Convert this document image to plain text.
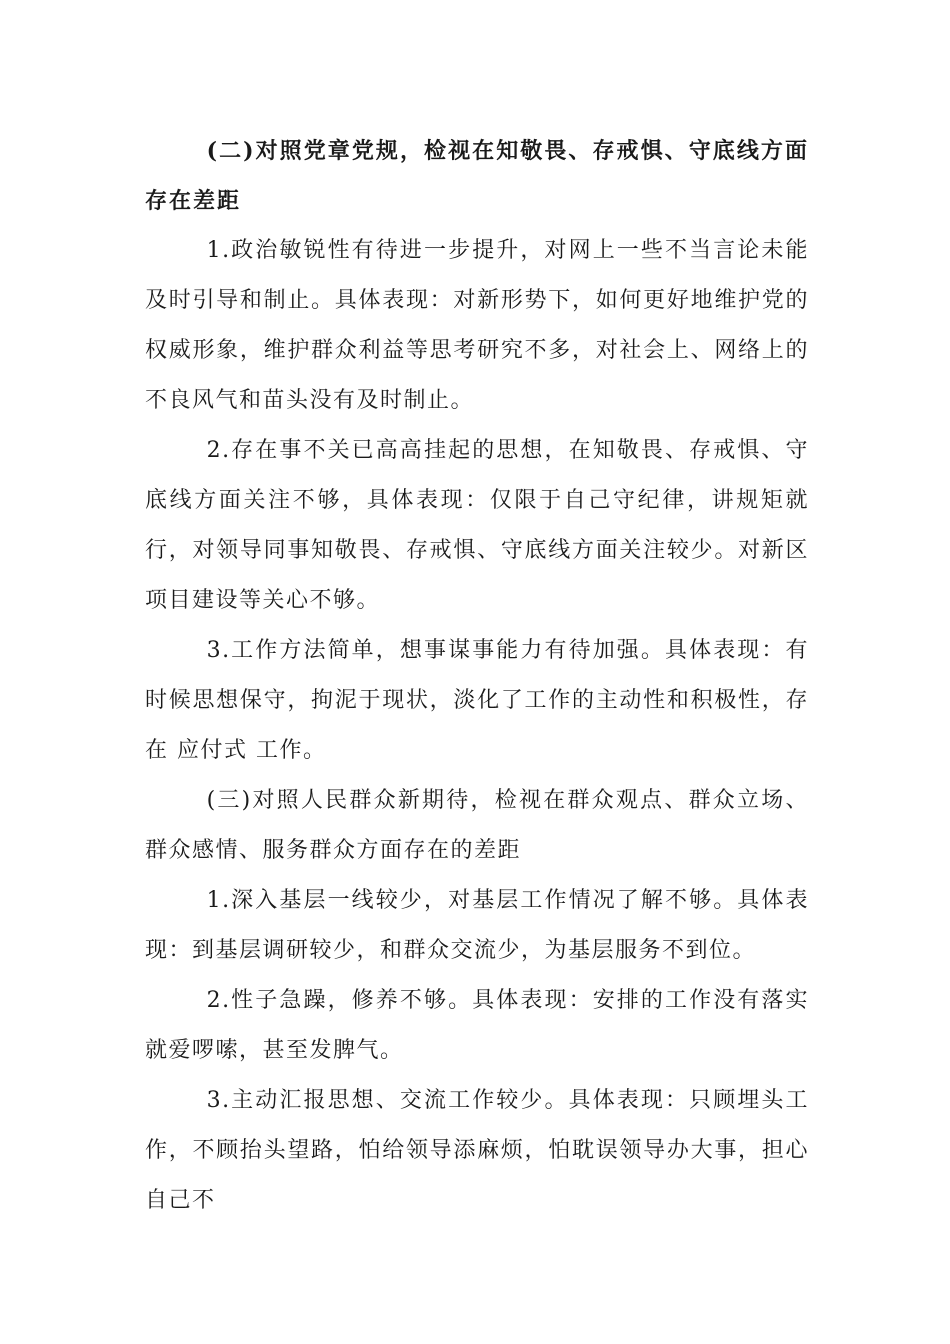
(二)对照党章党规，检视在知敬畏、存戒惧、守底线方面存在差距

1.政治敏锐性有待进一步提升，对网上一些不当言论未能及时引导和制止。具体表现：对新形势下，如何更好地维护党的权威形象，维护群众利益等思考研究不多，对社会上、网络上的不良风气和苗头没有及时制止。

2.存在事不关已高高挂起的思想，在知敬畏、存戒惧、守底线方面关注不够，具体表现：仅限于自己守纪律，讲规矩就行，对领导同事知敬畏、存戒惧、守底线方面关注较少。对新区项目建设等关心不够。

3.工作方法简单，想事谋事能力有待加强。具体表现：有时候思想保守，拘泥于现状，淡化了工作的主动性和积极性，存在 应付式 工作。

(三)对照人民群众新期待，检视在群众观点、群众立场、群众感情、服务群众方面存在的差距

1.深入基层一线较少，对基层工作情况了解不够。具体表现：到基层调研较少，和群众交流少，为基层服务不到位。

2.性子急躁，修养不够。具体表现：安排的工作没有落实就爱啰嗦，甚至发脾气。

3.主动汇报思想、交流工作较少。具体表现：只顾埋头工作，不顾抬头望路，怕给领导添麻烦，怕耽误领导办大事，担心自己不
